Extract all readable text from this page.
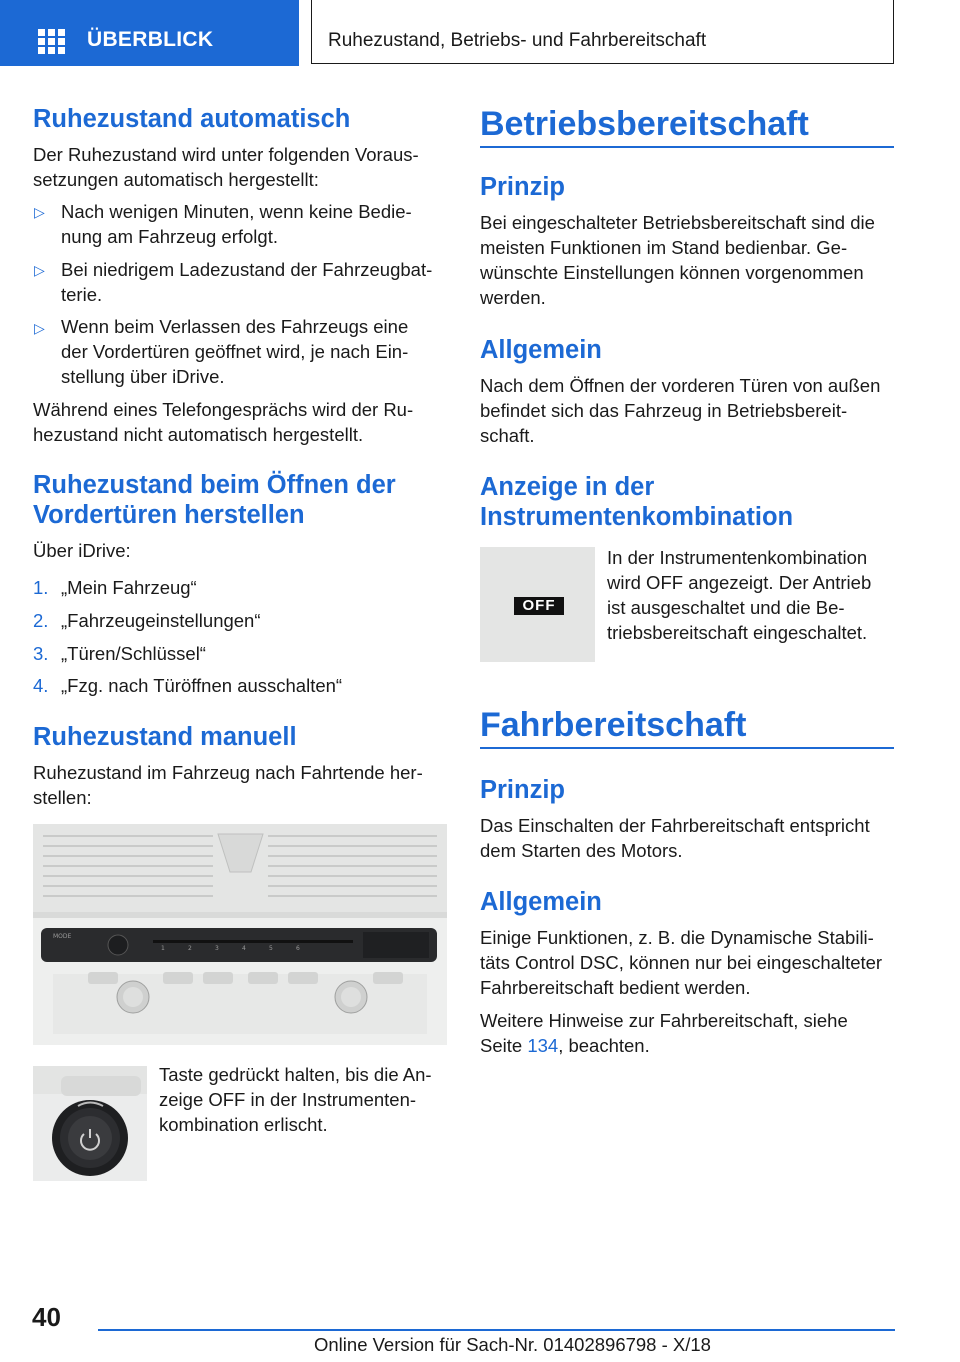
ÜBERBLICK	Ruhezustand, Betriebs- und Fahrbereitschaft
Ruhezustand automatisch

Der Ruhezustand wird unter folgenden Voraus-

setzungen automatisch hergestellt:

▷ Nach wenigen Minuten, wenn keine Bedie-

nung am Fahrzeug erfolgt.

▷ Bei niedrigem Ladezustand der Fahrzeugbat-

terie.

▷ Wenn beim Verlassen des Fahrzeugs eine

der Vordertüren geöffnet wird, je nach Ein-

stellung über iDrive.

Während eines Telefongesprächs wird der Ru-

hezustand nicht automatisch hergestellt.

Ruhezustand beim Öffnen der
Vordertüren herstellen

Über iDrive:

1. „Mein Fahrzeug“

2. „Fahrzeugeinstellungen“

3. „Türen/Schlüssel“

4. „Fzg. nach Türöffnen ausschalten“

Ruhezustand manuell

Ruhezustand im Fahrzeug nach Fahrtende her-

stellen:

MODE
1	2	3	4	5	6

Taste gedrückt halten, bis die An-

zeige OFF in der Instrumenten-

kombination erlischt.

Betriebsbereitschaft
Prinzip

Bei eingeschalteter Betriebsbereitschaft sind die

meisten Funktionen im Stand bedienbar. Ge-

wünschte Einstellungen können vorgenommen

werden.

Allgemein

Nach dem Öffnen der vorderen Türen von außen

befindet sich das Fahrzeug in Betriebsbereit-

schaft.

Anzeige in der
Instrumentenkombination
OFF

In der Instrumentenkombination

wird OFF angezeigt. Der Antrieb

ist ausgeschaltet und die Be-

triebsbereitschaft eingeschaltet.

Fahrbereitschaft
Prinzip

Das Einschalten der Fahrbereitschaft entspricht

dem Starten des Motors.

Allgemein

Einige Funktionen, z. B. die Dynamische Stabili-

täts Control DSC, können nur bei eingeschalteter

Fahrbereitschaft bedient werden.

Weitere Hinweise zur Fahrbereitschaft, siehe

Seite 134, beachten.

40
Online Version für Sach-Nr. 01402896798 - X/18
